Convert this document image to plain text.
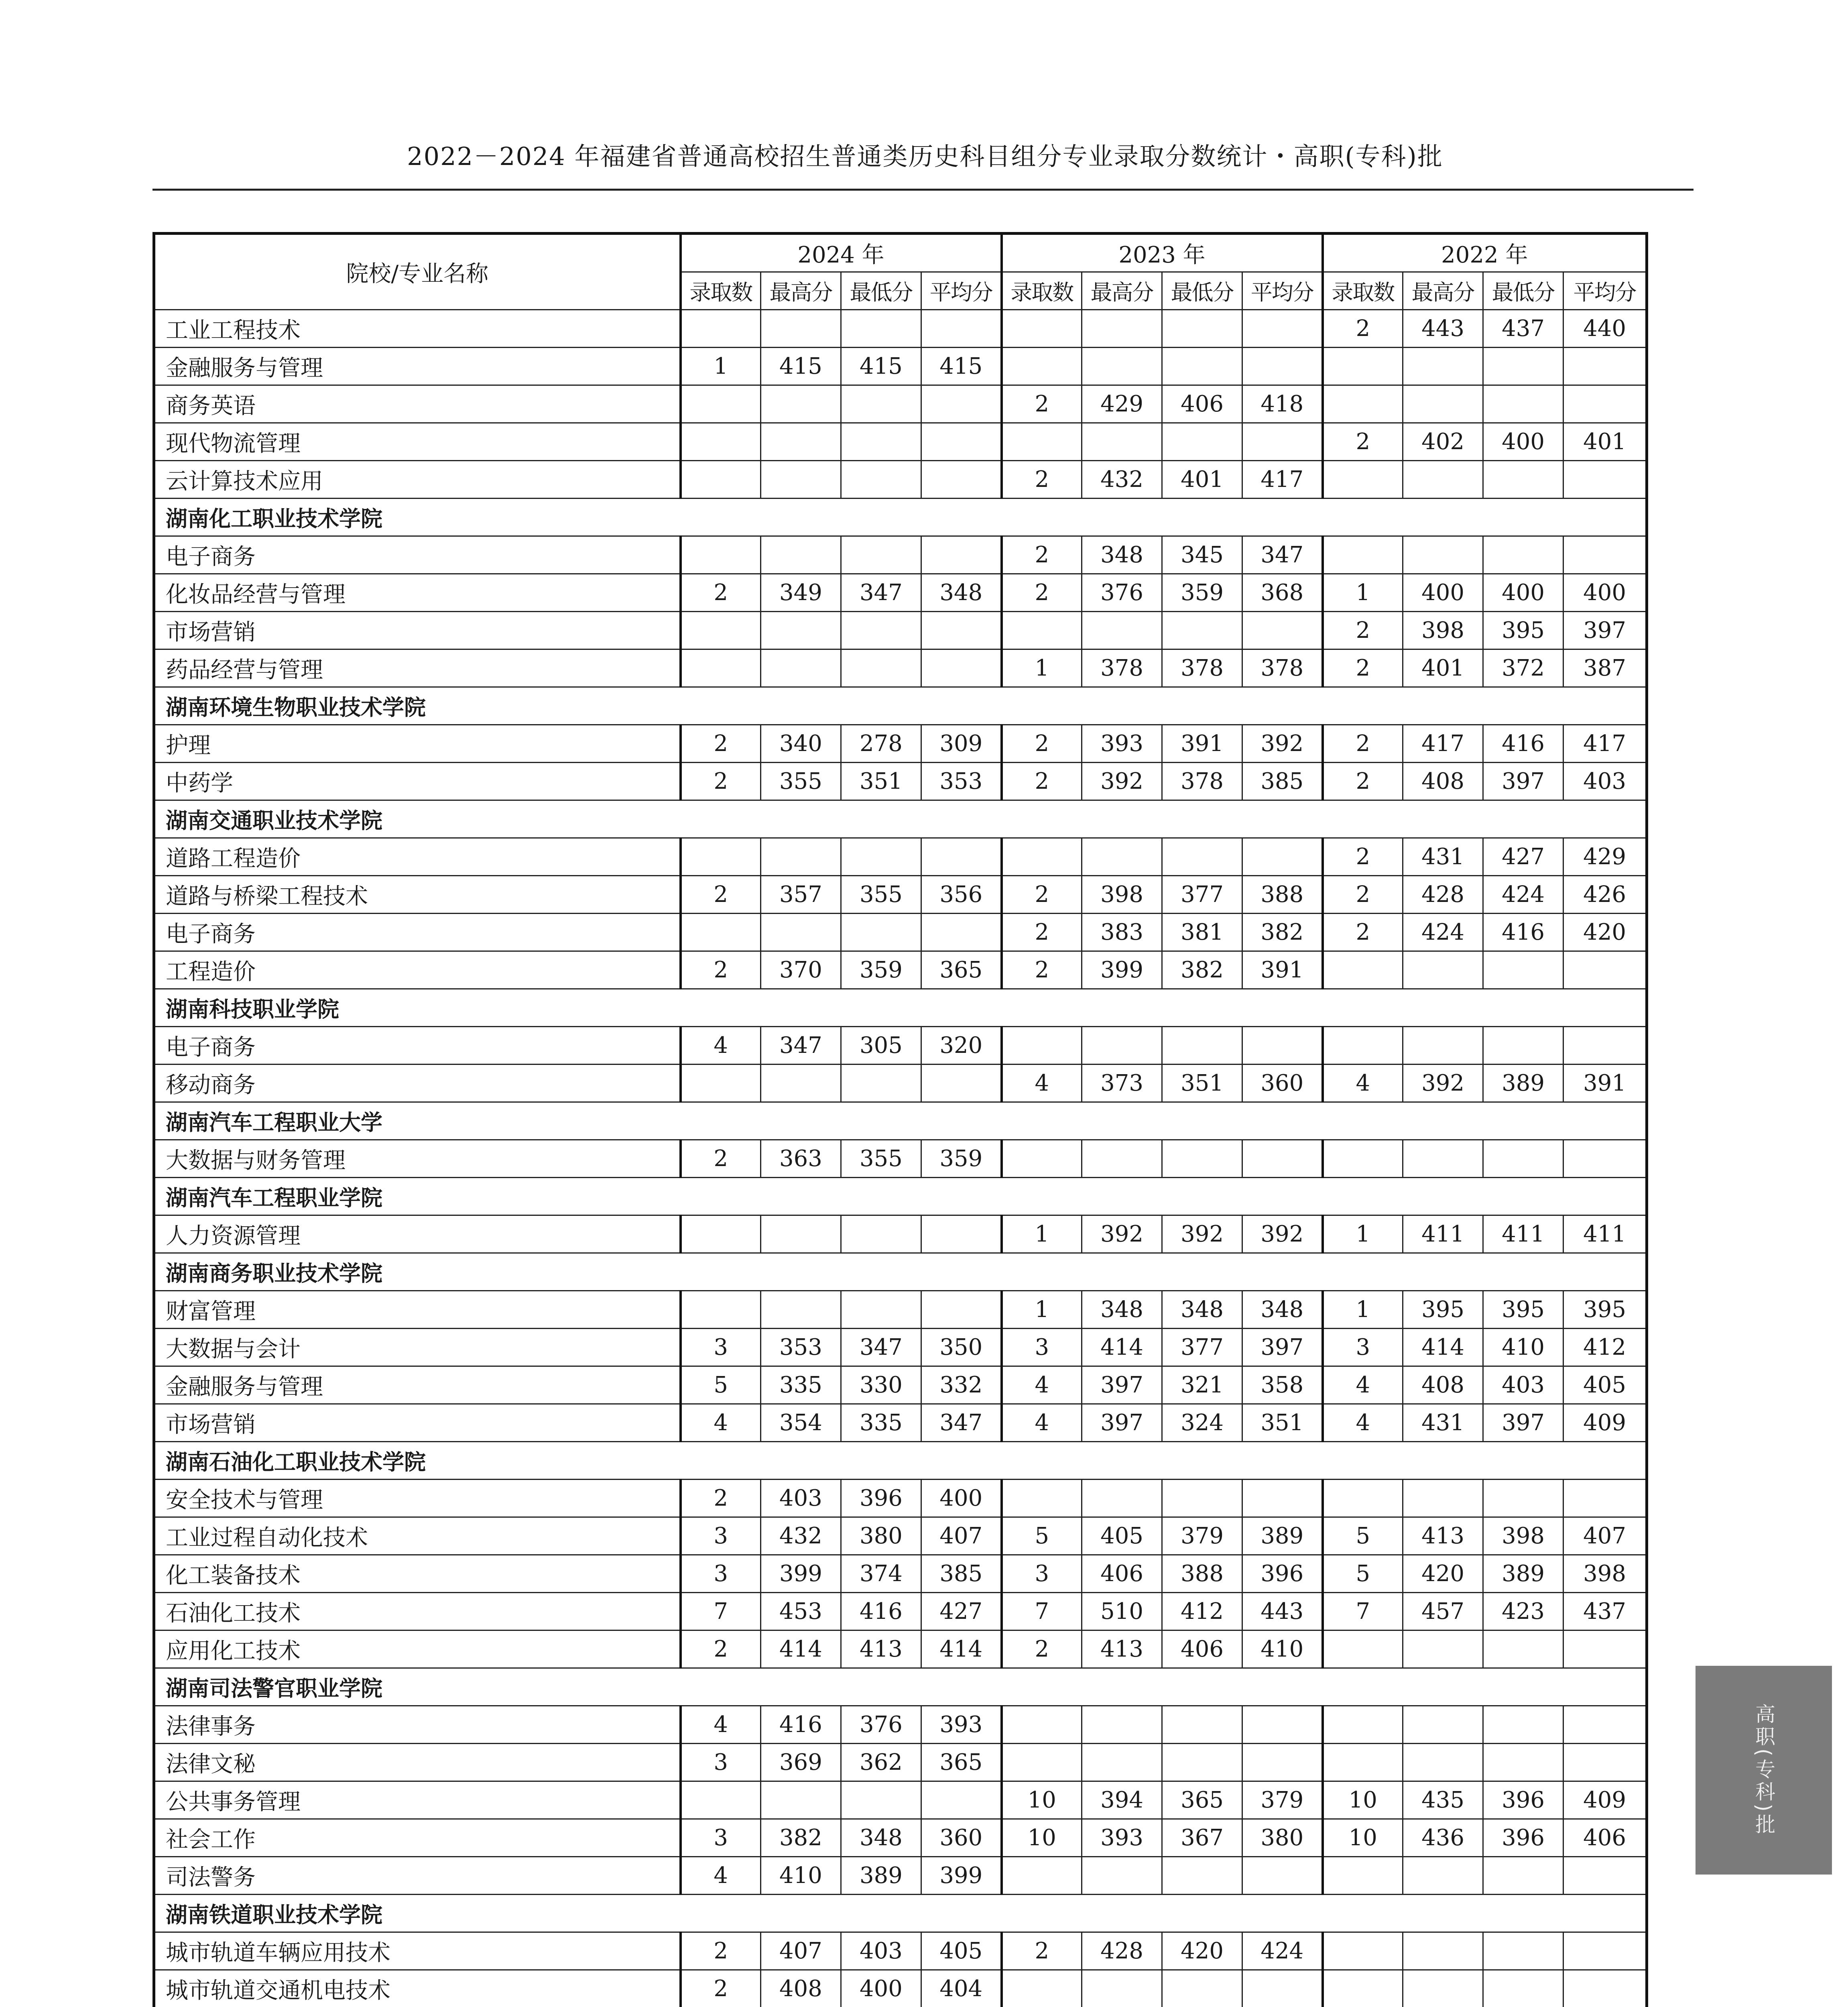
2022－2024 年福建省普通高校招生普通类历史科目组分专业录取分数统计・高职(专科)批
院校/专业名称	2024 年				2023 年				2022 年			
	录取数	最高分	最低分	平均分	录取数	最高分	最低分	平均分	录取数	最高分	最低分	平均分
工业工程技术									2	443	437	440
金融服务与管理	1	415	415	415								
商务英语					2	429	406	418				
现代物流管理									2	402	400	401
云计算技术应用					2	432	401	417				
湖南化工职业技术学院												
电子商务					2	348	345	347				
化妆品经营与管理	2	349	347	348	2	376	359	368	1	400	400	400
市场营销									2	398	395	397
药品经营与管理					1	378	378	378	2	401	372	387
湖南环境生物职业技术学院												
护理	2	340	278	309	2	393	391	392	2	417	416	417
中药学	2	355	351	353	2	392	378	385	2	408	397	403
湖南交通职业技术学院												
道路工程造价									2	431	427	429
道路与桥梁工程技术	2	357	355	356	2	398	377	388	2	428	424	426
电子商务					2	383	381	382	2	424	416	420
工程造价	2	370	359	365	2	399	382	391				
湖南科技职业学院												
电子商务	4	347	305	320								
移动商务					4	373	351	360	4	392	389	391
湖南汽车工程职业大学												
大数据与财务管理	2	363	355	359								
湖南汽车工程职业学院												
人力资源管理					1	392	392	392	1	411	411	411
湖南商务职业技术学院												
财富管理					1	348	348	348	1	395	395	395
大数据与会计	3	353	347	350	3	414	377	397	3	414	410	412
金融服务与管理	5	335	330	332	4	397	321	358	4	408	403	405
市场营销	4	354	335	347	4	397	324	351	4	431	397	409
湖南石油化工职业技术学院												
安全技术与管理	2	403	396	400								
工业过程自动化技术	3	432	380	407	5	405	379	389	5	413	398	407
化工装备技术	3	399	374	385	3	406	388	396	5	420	389	398
石油化工技术	7	453	416	427	7	510	412	443	7	457	423	437
应用化工技术	2	414	413	414	2	413	406	410				
湖南司法警官职业学院												
法律事务	4	416	376	393								
法律文秘	3	369	362	365								
公共事务管理					10	394	365	379	10	435	396	409
社会工作	3	382	348	360	10	393	367	380	10	436	396	406
司法警务	4	410	389	399								
湖南铁道职业技术学院												
城市轨道车辆应用技术	2	407	403	405	2	428	420	424				
城市轨道交通机电技术	2	408	400	404								

高职(专科)批
